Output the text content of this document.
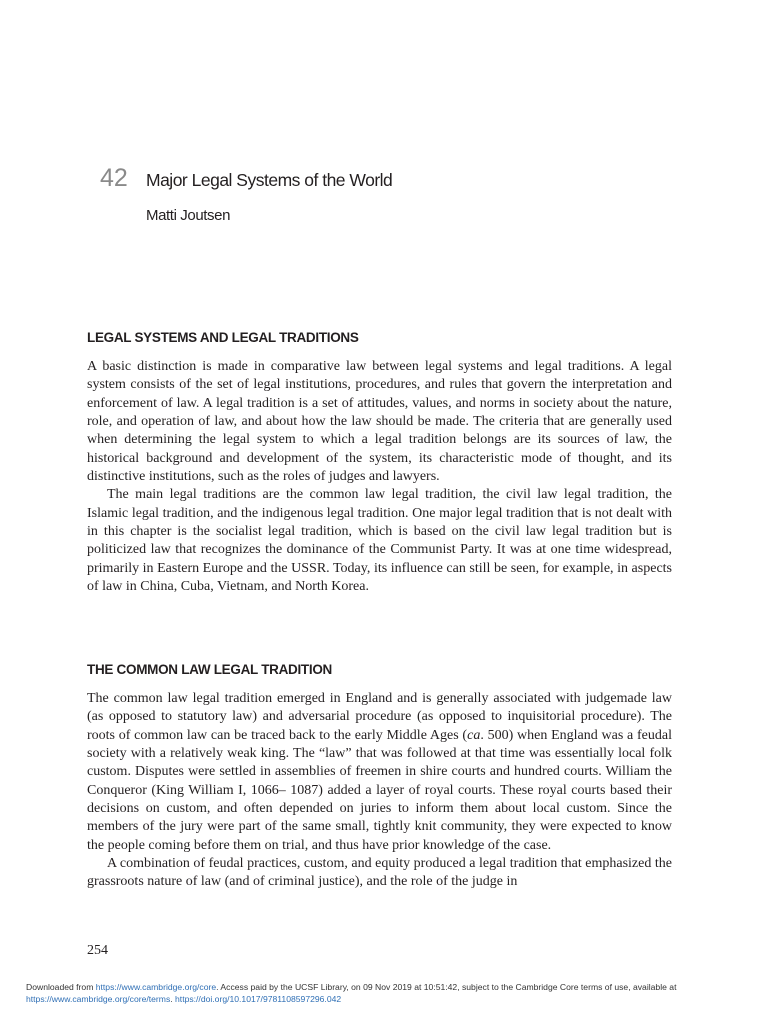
42 Major Legal Systems of the World
Matti Joutsen
LEGAL SYSTEMS AND LEGAL TRADITIONS

A basic distinction is made in comparative law between legal systems and legal traditions. A legal system consists of the set of legal institutions, procedures, and rules that govern the interpretation and enforcement of law. A legal tradition is a set of attitudes, values, and norms in society about the nature, role, and operation of law, and about how the law should be made. The criteria that are generally used when determining the legal system to which a legal tradition belongs are its sources of law, the historical background and development of the system, its characteristic mode of thought, and its distinctive institutions, such as the roles of judges and lawyers.

The main legal traditions are the common law legal tradition, the civil law legal tradition, the Islamic legal tradition, and the indigenous legal tradition. One major legal tradition that is not dealt with in this chapter is the socialist legal tradition, which is based on the civil law legal tradition but is politicized law that recognizes the dominance of the Communist Party. It was at one time widespread, primarily in Eastern Europe and the USSR. Today, its influence can still be seen, for example, in aspects of law in China, Cuba, Vietnam, and North Korea.

THE COMMON LAW LEGAL TRADITION

The common law legal tradition emerged in England and is generally associated with judgemade law (as opposed to statutory law) and adversarial procedure (as opposed to inquisitorial procedure). The roots of common law can be traced back to the early Middle Ages (ca. 500) when England was a feudal society with a relatively weak king. The “law” that was followed at that time was essentially local folk custom. Disputes were settled in assemblies of freemen in shire courts and hundred courts. William the Conqueror (King William I, 1066– 1087) added a layer of royal courts. These royal courts based their decisions on custom, and often depended on juries to inform them about local custom. Since the members of the jury were part of the same small, tightly knit community, they were expected to know the people coming before them on trial, and thus have prior knowledge of the case.

A combination of feudal practices, custom, and equity produced a legal tradition that emphasized the grassroots nature of law (and of criminal justice), and the role of the judge in

254
Downloaded from https://www.cambridge.org/core. Access paid by the UCSF Library, on 09 Nov 2019 at 10:51:42, subject to the Cambridge Core terms of use, available at https://www.cambridge.org/core/terms. https://doi.org/10.1017/9781108597296.042
